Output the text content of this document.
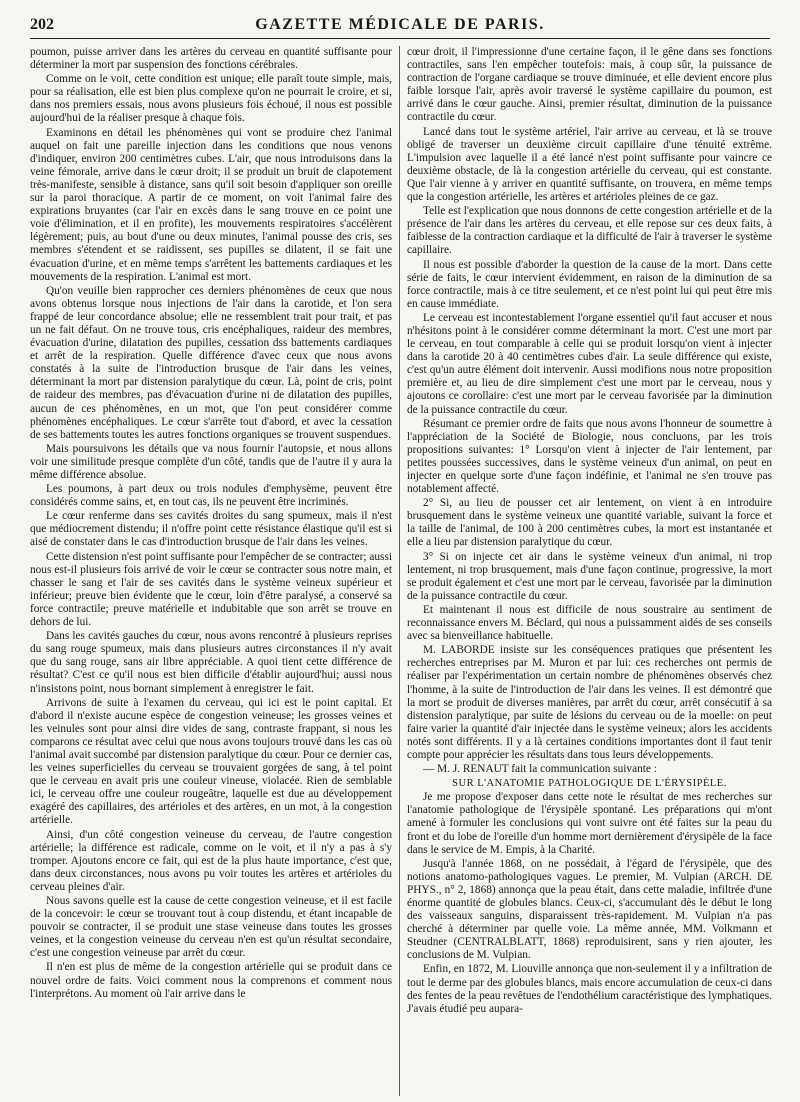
202	GAZETTE MÉDICALE DE PARIS.

poumon, puisse arriver dans les artères du cerveau en quantité suffisante pour déterminer la mort par suspension des fonctions cérébrales.

Comme on le voit, cette condition est unique; elle paraît toute simple, mais, pour sa réalisation, elle est bien plus complexe qu'on ne pourrait le croire, et si, dans nos premiers essais, nous avons plusieurs fois échoué, il nous est possible aujourd'hui de la réaliser presque à chaque fois.

Examinons en détail les phénomènes qui vont se produire chez l'animal auquel on fait une pareille injection dans les conditions que nous venons d'indiquer, environ 200 centimètres cubes. L'air, que nous introduisons dans la veine fémorale, arrive dans le cœur droit; il se produit un bruit de clapotement très-manifeste, sensible à distance, sans qu'il soit besoin d'appliquer son oreille sur la paroi thoracique. A partir de ce moment, on voit l'animal faire des expirations bruyantes (car l'air en excès dans le sang trouve en ce point une voie d'élimination, et il en profite), les mouvements respiratoires s'accélèrent légèrement; puis, au bout d'une ou deux minutes, l'animal pousse des cris, ses membres s'étendent et se raidissent, ses pupilles se dilatent, il se fait une évacuation d'urine, et en même temps s'arrêtent les battements cardiaques et les mouvements de la respiration. L'animal est mort.

Qu'on veuille bien rapprocher ces derniers phénomènes de ceux que nous avons obtenus lorsque nous injections de l'air dans la carotide, et l'on sera frappé de leur concordance absolue; elle ne ressemblent trait pour trait, et pas un ne fait défaut. On ne trouve tous, cris encéphaliques, raideur des membres, évacuation d'urine, dilatation des pupilles, cessation dss battements cardiaques et arrêt de la respiration. Quelle différence d'avec ceux que nous avons constatés à la suite de l'introduction brusque de l'air dans les veines, déterminant la mort par distension paralytique du cœur. Là, point de cris, point de raideur des membres, pas d'évacuation d'urine ni de dilatation des pupilles, aucun de ces phénomènes, en un mot, que l'on peut considérer comme phénomènes encéphaliques. Le cœur s'arrête tout d'abord, et avec la cessation de ses battements toutes les autres fonctions organiques se trouvent suspendues.

Mais poursuivons les détails que va nous fournir l'autopsie, et nous allons voir une similitude presque complète d'un côté, tandis que de l'autre il y aura la même différence absolue.

Les poumons, à part deux ou trois nodules d'emphysème, peuvent être considérés comme sains, et, en tout cas, ils ne peuvent être incriminés.

Le cœur renferme dans ses cavités droites du sang spumeux, mais il n'est que médiocrement distendu; il n'offre point cette résistance élastique qu'il est si aisé de constater dans le cas d'introduction brusque de l'air dans les veines.

Cette distension n'est point suffisante pour l'empêcher de se contracter; aussi nous est-il plusieurs fois arrivé de voir le cœur se contracter sous notre main, et chasser le sang et l'air de ses cavités dans le système veineux supérieur et inférieur; preuve bien évidente que le cœur, loin d'être paralysé, a conservé sa force contractile; preuve matérielle et indubitable que son arrêt se trouve en dehors de lui.

Dans les cavités gauches du cœur, nous avons rencontré à plusieurs reprises du sang rouge spumeux, mais dans plusieurs autres circonstances il n'y avait que du sang rouge, sans air libre appréciable. A quoi tient cette différence de résultat? C'est ce qu'il nous est bien difficile d'établir aujourd'hui; aussi nous n'insistons point, nous bornant simplement à enregistrer le fait.

Arrivons de suite à l'examen du cerveau, qui ici est le point capital. Et d'abord il n'existe aucune espèce de congestion veineuse; les grosses veines et les veinules sont pour ainsi dire vides de sang, contraste frappant, si nous les comparons ce résultat avec celui que nous avons toujours trouvé dans les cas où l'animal avait succombé par distension paralytique du cœur. Pour ce dernier cas, les veines superficielles du cerveau se trouvaient gorgées de sang, à tel point que le cerveau en avait pris une couleur vineuse, violacée. Rien de semblable ici, le cerveau offre une couleur rougeâtre, laquelle est due au développement exagéré des capillaires, des artérioles et des artères, en un mot, à la congestion artérielle.

Ainsi, d'un côté congestion veineuse du cerveau, de l'autre congestion artérielle; la différence est radicale, comme on le voit, et il n'y a pas à s'y tromper. Ajoutons encore ce fait, qui est de la plus haute importance, c'est que, dans deux circonstances, nous avons pu voir toutes les artères et artérioles du cerveau pleines d'air.

Nous savons quelle est la cause de cette congestion veineuse, et il est facile de la concevoir: le cœur se trouvant tout à coup distendu, et étant incapable de pouvoir se contracter, il se produit une stase veineuse dans toutes les grosses veines, et la congestion veineuse du cerveau n'en est qu'un résultat secondaire, c'est une congestion veineuse par arrêt du cœur.

Il n'en est plus de même de la congestion artérielle qui se produit dans ce nouvel ordre de faits. Voici comment nous la comprenons et comment nous l'interprétons. Au moment où l'air arrive dans le

cœur droit, il l'impressionne d'une certaine façon, il le gêne dans ses fonctions contractiles, sans l'en empêcher toutefois: mais, à coup sûr, la puissance de contraction de l'organe cardiaque se trouve diminuée, et elle devient encore plus faible lorsque l'air, après avoir traversé le système capillaire du poumon, est arrivé dans le cœur gauche. Ainsi, premier résultat, diminution de la puissance contractile du cœur.

Lancé dans tout le système artériel, l'air arrive au cerveau, et là se trouve obligé de traverser un deuxième circuit capillaire d'une ténuité extrême. L'impulsion avec laquelle il a été lancé n'est point suffisante pour vaincre ce deuxième obstacle, de là la congestion artérielle du cerveau, qui est constante. Que l'air vienne à y arriver en quantité suffisante, on trouvera, en même temps que la congestion artérielle, les artères et artérioles pleines de ce gaz.

Telle est l'explication que nous donnons de cette congestion artérielle et de la présence de l'air dans les artères du cerveau, et elle repose sur ces deux faits, à faiblesse de la contraction cardiaque et la difficulté de l'air à traverser le système capillaire.

Il nous est possible d'aborder la question de la cause de la mort. Dans cette série de faits, le cœur intervient évidemment, en raison de la diminution de sa force contractile, mais à ce titre seulement, et ce n'est point lui qui peut être mis en cause immédiate.

Le cerveau est incontestablement l'organe essentiel qu'il faut accuser et nous n'hésitons point à le considérer comme déterminant la mort. C'est une mort par le cerveau, en tout comparable à celle qui se produit lorsqu'on vient à injecter dans la carotide 20 à 40 centimètres cubes d'air. La seule différence qui existe, c'est qu'un autre élément doit intervenir. Aussi modifions nous notre proposition première et, au lieu de dire simplement c'est une mort par le cerveau, nous y ajoutons ce corollaire: c'est une mort par le cerveau favorisée par la diminution de la puissance contractile du cœur.

Résumant ce premier ordre de faits que nous avons l'honneur de soumettre à l'appréciation de la Société de Biologie, nous concluons, par les trois propositions suivantes: 1° Lorsqu'on vient à injecter de l'air lentement, par petites poussées successives, dans le système veineux d'un animal, on peut en injecter en quelque sorte d'une façon indéfinie, et l'animal ne s'en trouve pas notablement affecté.

2° Si, au lieu de pousser cet air lentement, on vient à en introduire brusquement dans le système veineux une quantité variable, suivant la force et la taille de l'animal, de 100 à 200 centimètres cubes, la mort est instantanée et elle a lieu par distension paralytique du cœur.

3° Si on injecte cet air dans le système veineux d'un animal, ni trop lentement, ni trop brusquement, mais d'une façon continue, progressive, la mort se produit également et c'est une mort par le cerveau, favorisée par la diminution de la puissance contractile du cœur.

Et maintenant il nous est difficile de nous soustraire au sentiment de reconnaissance envers M. Béclard, qui nous a puissamment aidés de ses conseils avec sa bienveillance habituelle.

M. LABORDE insiste sur les conséquences pratiques que présentent les recherches entreprises par M. Muron et par lui: ces recherches ont permis de réaliser par l'expérimentation un certain nombre de phénomènes observés chez l'homme, à la suite de l'introduction de l'air dans les veines. Il est démontré que la mort se produit de diverses manières, par arrêt du cœur, arrêt consécutif à sa distension paralytique, par suite de lésions du cerveau ou de la moelle: on peut faire varier la quantité d'air injectée dans le système veineux; alors les accidents notés sont différents. Il y a là certaines conditions importantes dont il faut tenir compte pour apprécier les résultats dans tous leurs développements.

— M. J. RENAUT fait la communication suivante :

SUR L'ANATOMIE PATHOLOGIQUE DE L'ÉRYSIPÈLE.

Je me propose d'exposer dans cette note le résultat de mes recherches sur l'anatomie pathologique de l'érysipèle spontané. Les préparations qui m'ont amené à formuler les conclusions qui vont suivre ont été faites sur la peau du front et du lobe de l'oreille d'un homme mort dernièrement d'érysipèle de la face dans le service de M. Empis, à la Charité.

Jusqu'à l'année 1868, on ne possédait, à l'égard de l'érysipèle, que des notions anatomo-pathologiques vagues. Le premier, M. Vulpian (ARCH. DE PHYS., n° 2, 1868) annonça que la peau était, dans cette maladie, infiltrée d'une énorme quantité de globules blancs. Ceux-ci, s'accumulant dès le début le long des vaisseaux sanguins, disparaissent très-rapidement. M. Vulpian n'a pas cherché à déterminer par quelle voie. La même année, MM. Volkmann et Steudner (CENTRALBLATT, 1868) reproduisirent, sans y rien ajouter, les conclusions de M. Vulpian.

Enfin, en 1872, M. Liouville annonça que non-seulement il y a infiltration de tout le derme par des globules blancs, mais encore accumulation de ceux-ci dans des fentes de la peau revêtues de l'endothélium caractéristique des lymphatiques. J'avais étudié peu aupara-
